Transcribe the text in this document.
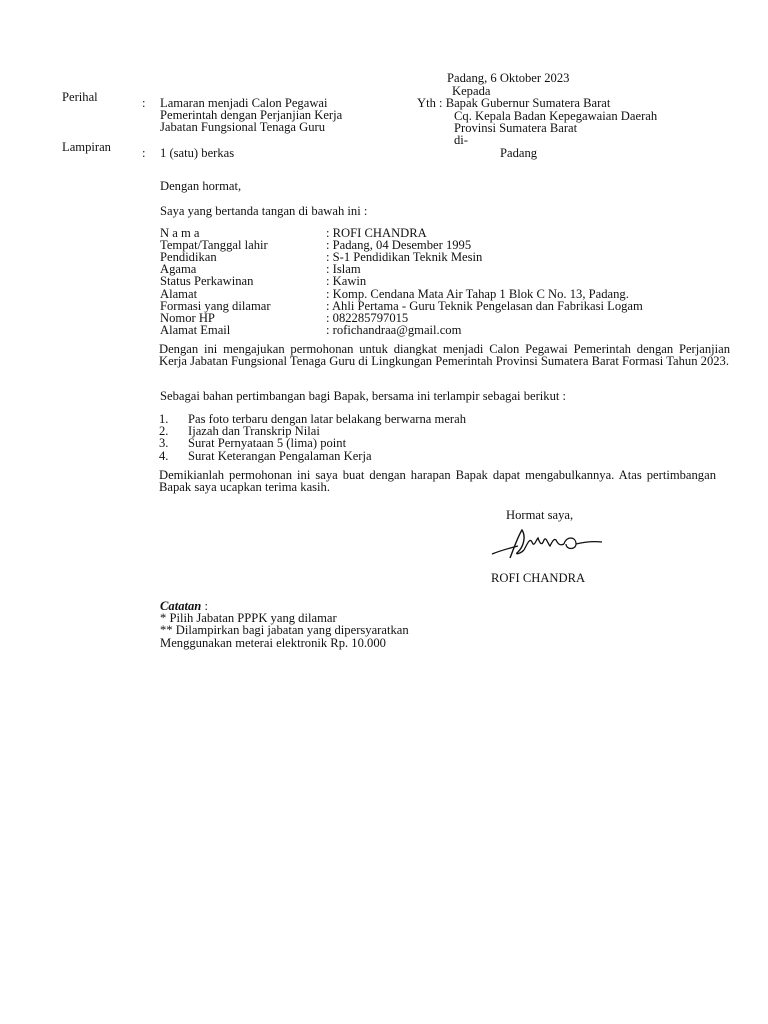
Padang, 6 Oktober 2023
Kepada
Yth : Bapak Gubernur Sumatera Barat
Cq. Kepala Badan Kepegawaian Daerah
Provinsi Sumatera Barat
di-
Padang
Perihal	: Lamaran menjadi Calon Pegawai
Pemerintah dengan Perjanjian Kerja
Jabatan Fungsional Tenaga Guru
Lampiran : 1 (satu) berkas
Dengan hormat,
Saya yang bertanda tangan di bawah ini :
N a m a	: ROFI CHANDRA
Tempat/Tanggal lahir	: Padang, 04 Desember 1995
Pendidikan	: S-1 Pendidikan Teknik Mesin
Agama	: Islam
Status Perkawinan	: Kawin
Alamat	: Komp. Cendana Mata Air Tahap 1 Blok C No. 13, Padang.
Formasi yang dilamar	: Ahli Pertama - Guru Teknik Pengelasan dan Fabrikasi Logam
Nomor HP	: 082285797015
Alamat Email	: rofichandraa@gmail.com
Dengan ini mengajukan permohonan untuk diangkat menjadi Calon Pegawai Pemerintah dengan Perjanjian Kerja Jabatan Fungsional Tenaga Guru di Lingkungan Pemerintah Provinsi Sumatera Barat Formasi Tahun 2023.
Sebagai bahan pertimbangan bagi Bapak, bersama ini terlampir sebagai berikut :
1. Pas foto terbaru dengan latar belakang berwarna merah
2. Ijazah dan Transkrip Nilai
3. Surat Pernyataan 5 (lima) point
4. Surat Keterangan Pengalaman Kerja
Demikianlah permohonan ini saya buat dengan harapan Bapak dapat mengabulkannya. Atas pertimbangan Bapak saya ucapkan terima kasih.
Hormat saya,
ROFI CHANDRA
Catatan :
* Pilih Jabatan PPPK yang dilamar
** Dilampirkan bagi jabatan yang dipersyaratkan
Menggunakan meterai elektronik Rp. 10.000
